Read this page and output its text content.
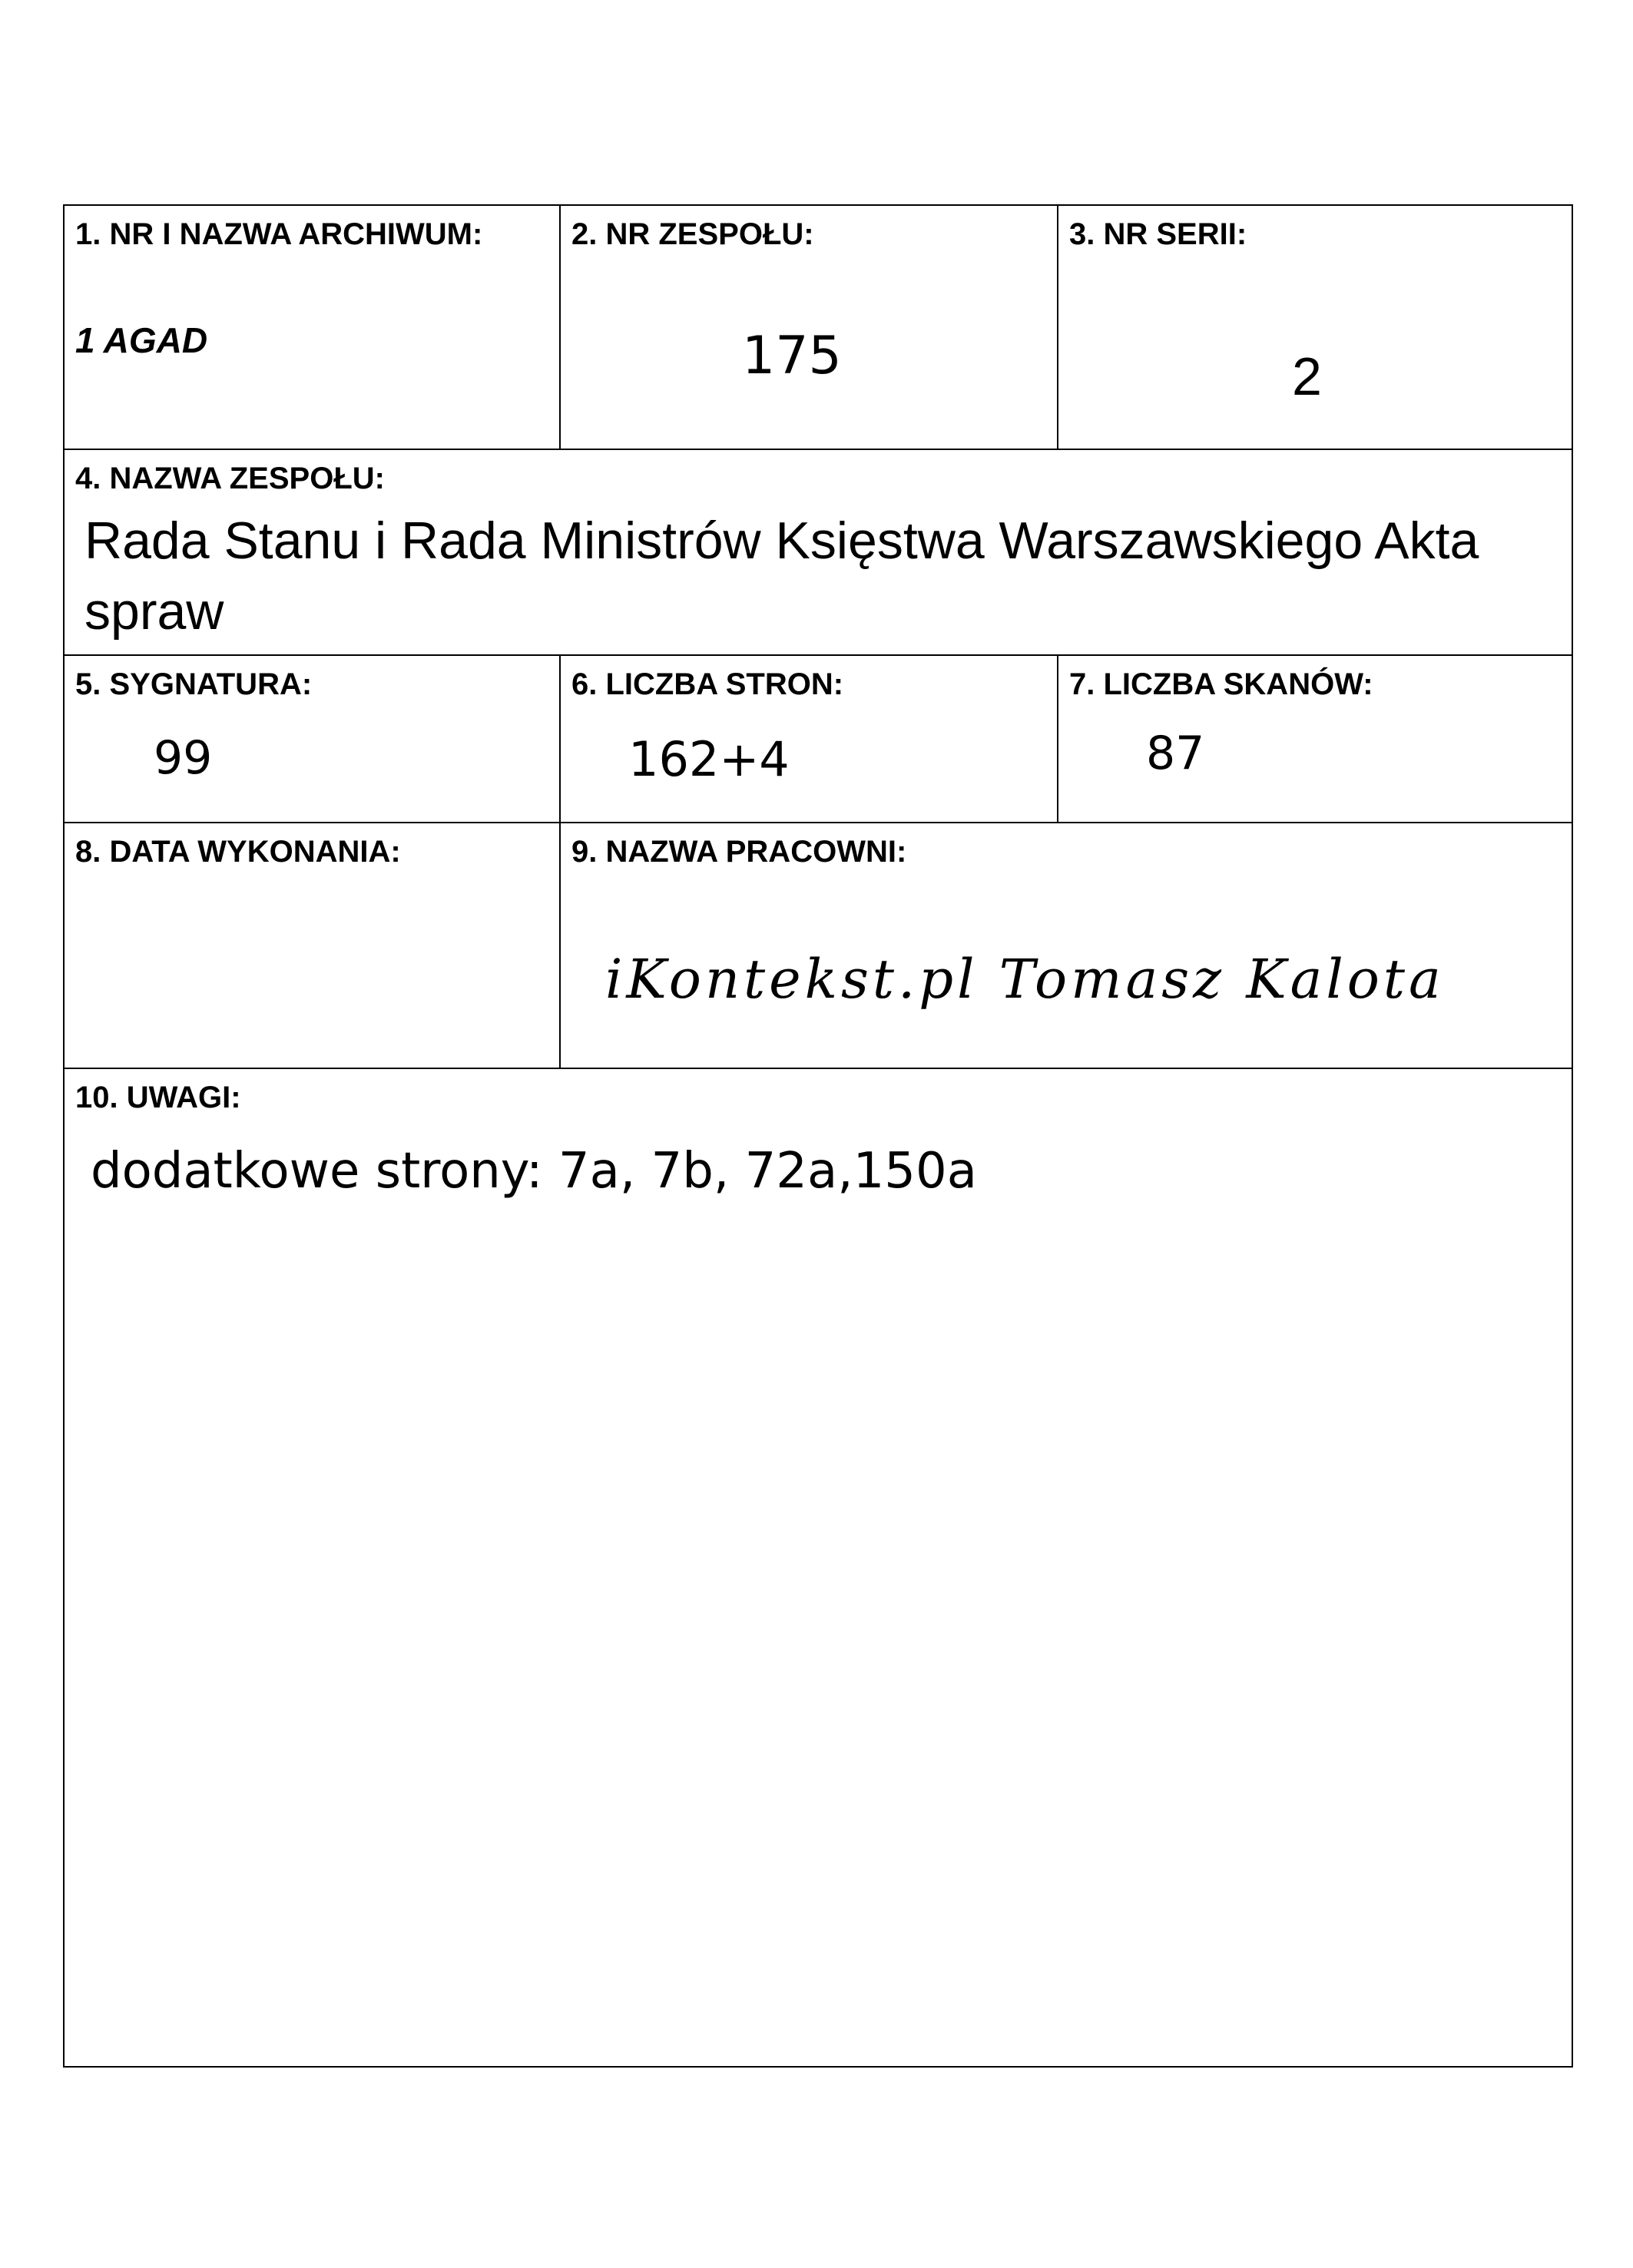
1. NR I NAZWA ARCHIWUM:
1 AGAD
2. NR ZESPOŁU:
175
3. NR SERII:
2
4. NAZWA ZESPOŁU:
Rada Stanu i Rada Ministrów Księstwa Warszawskiego Akta spraw
5. SYGNATURA:
99
6. LICZBA STRON:
162+4
7. LICZBA SKANÓW:
87
8. DATA WYKONANIA:	9. NAZWA PRACOWNI:
iKontekst.pl Tomasz Kalota
10. UWAGI:
dodatkowe strony: 7a, 7b, 72a,150a
